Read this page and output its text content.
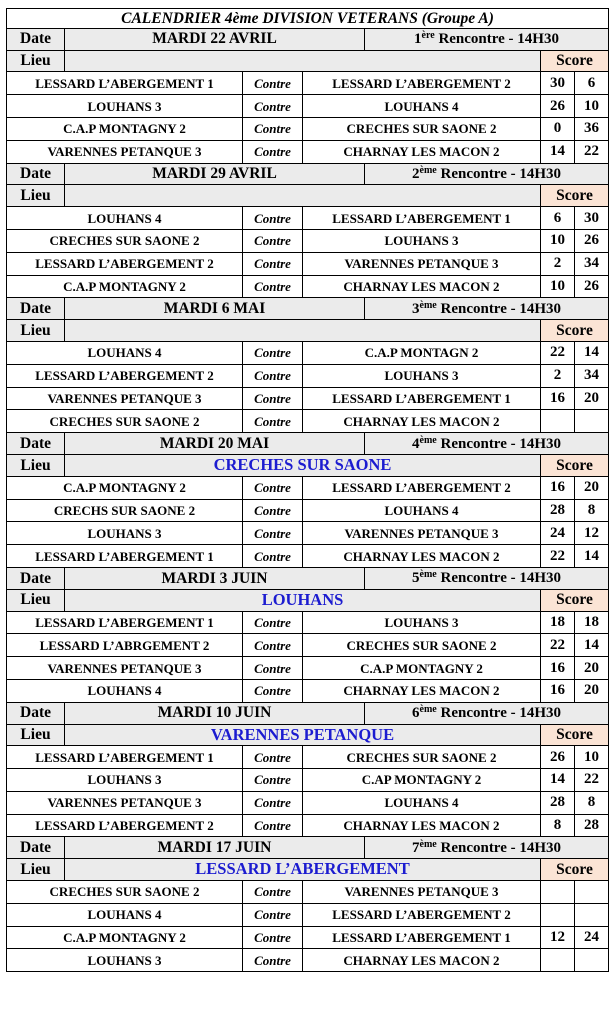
CALENDRIER 4ème DIVISION VETERANS (Groupe A)						
Date	MARDI 22 AVRIL			1ère Rencontre - 14H30		
Lieu					Score	
LESSARD L’ABERGEMENT 1		Contre	LESSARD L’ABERGEMENT 2		30	6
LOUHANS 3		Contre	LOUHANS 4		26	10
C.A.P MONTAGNY 2		Contre	CRECHES SUR SAONE 2		0	36
VARENNES PETANQUE 3		Contre	CHARNAY LES MACON 2		14	22
Date	MARDI 29 AVRIL			2ème Rencontre - 14H30		
Lieu					Score	
LOUHANS 4		Contre	LESSARD L’ABERGEMENT 1		6	30
CRECHES SUR SAONE 2		Contre	LOUHANS 3		10	26
LESSARD L’ABERGEMENT 2		Contre	VARENNES PETANQUE 3		2	34
C.A.P MONTAGNY 2		Contre	CHARNAY LES MACON 2		10	26
Date	MARDI 6 MAI			3ème Rencontre - 14H30		
Lieu					Score	
LOUHANS 4		Contre	C.A.P MONTAGN 2		22	14
LESSARD L’ABERGEMENT 2		Contre	LOUHANS 3		2	34
VARENNES PETANQUE 3		Contre	LESSARD L’ABERGEMENT 1		16	20
CRECHES SUR SAONE 2		Contre	CHARNAY LES MACON 2			
Date	MARDI 20 MAI			4ème Rencontre - 14H30		
Lieu	CRECHES SUR SAONE				Score	
C.A.P MONTAGNY 2		Contre	LESSARD L’ABERGEMENT 2		16	20
CRECHS SUR SAONE 2		Contre	LOUHANS 4		28	8
LOUHANS 3		Contre	VARENNES PETANQUE 3		24	12
LESSARD L’ABERGEMENT 1		Contre	CHARNAY LES MACON 2		22	14
Date	MARDI 3 JUIN			5ème Rencontre - 14H30		
Lieu	LOUHANS				Score	
LESSARD L’ABERGEMENT 1		Contre	LOUHANS 3		18	18
LESSARD L’ABRGEMENT 2		Contre	CRECHES SUR SAONE 2		22	14
VARENNES PETANQUE 3		Contre	C.A.P MONTAGNY 2		16	20
LOUHANS 4		Contre	CHARNAY LES MACON 2		16	20
Date	MARDI 10 JUIN			6ème Rencontre - 14H30		
Lieu	VARENNES PETANQUE				Score	
LESSARD L’ABERGEMENT 1		Contre	CRECHES SUR SAONE 2		26	10
LOUHANS 3		Contre	C.AP MONTAGNY 2		14	22
VARENNES PETANQUE 3		Contre	LOUHANS 4		28	8
LESSARD L’ABERGEMENT 2		Contre	CHARNAY LES MACON 2		8	28
Date	MARDI 17 JUIN			7ème Rencontre - 14H30		
Lieu	LESSARD L’ABERGEMENT				Score	
CRECHES SUR SAONE 2		Contre	VARENNES PETANQUE 3			
LOUHANS 4		Contre	LESSARD L’ABERGEMENT 2			
C.A.P MONTAGNY 2		Contre	LESSARD L’ABERGEMENT 1		12	24
LOUHANS 3		Contre	CHARNAY LES MACON 2			
